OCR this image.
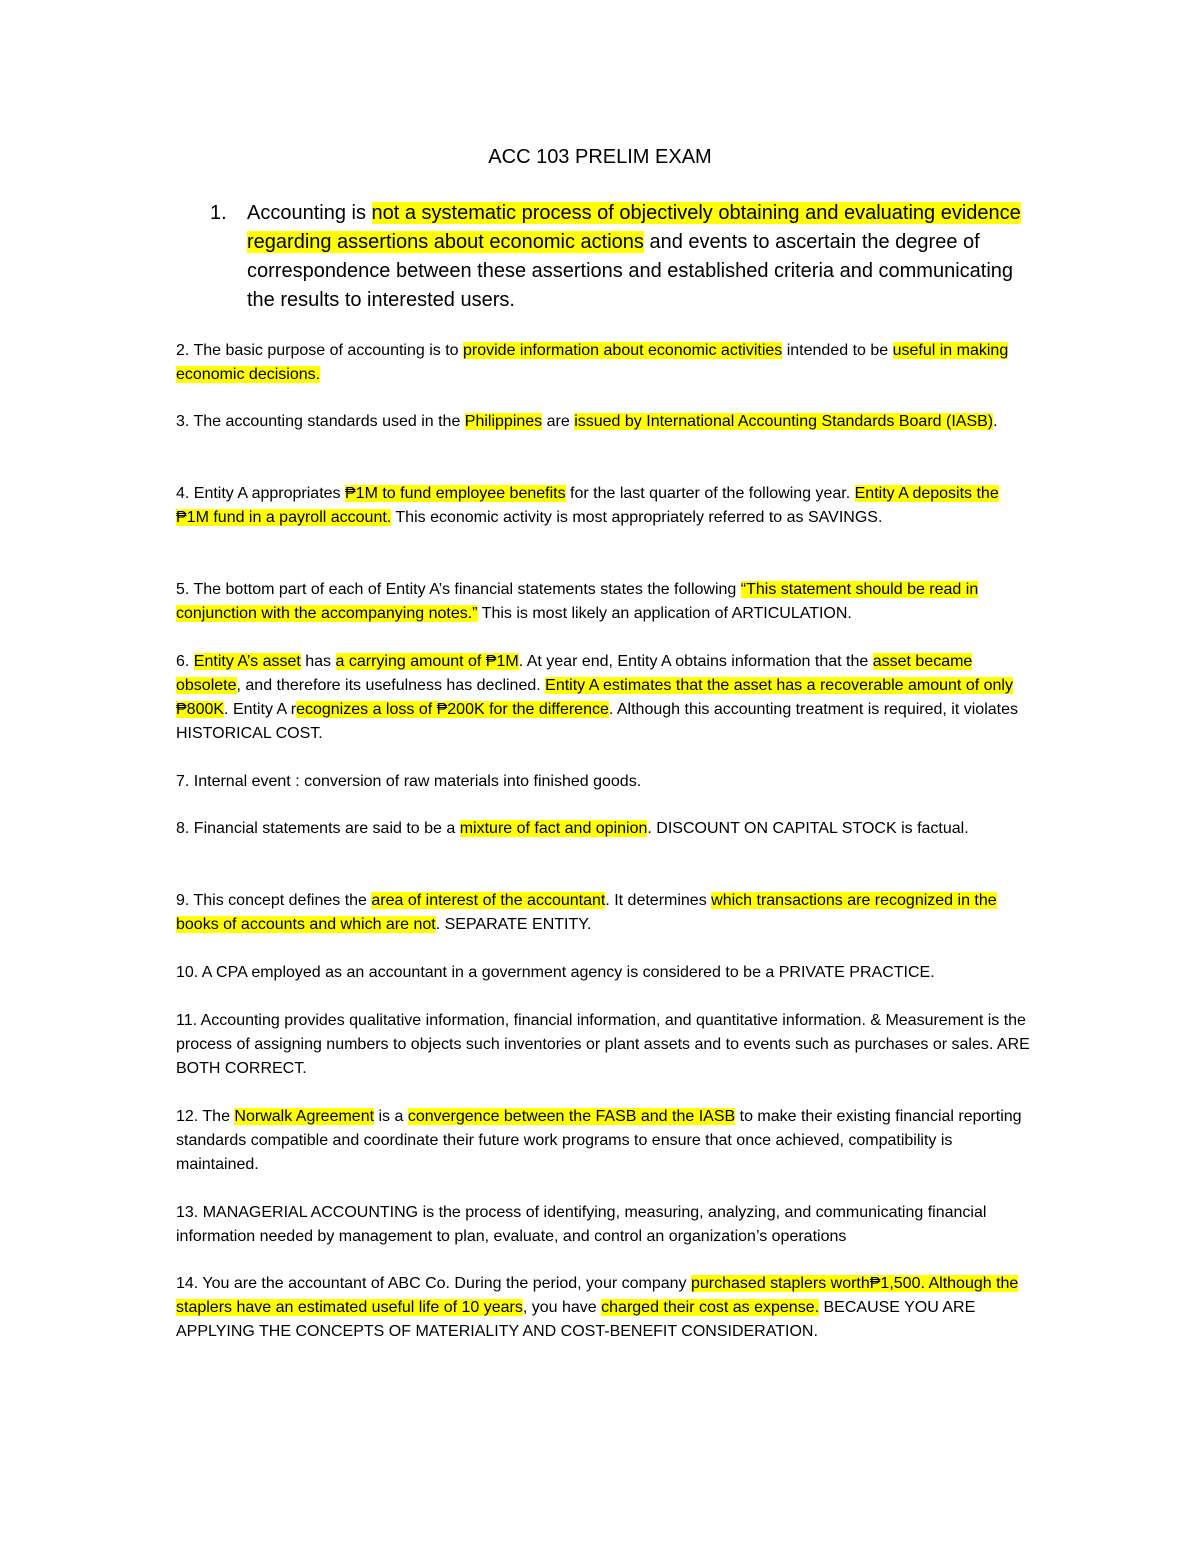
ACC 103 PRELIM EXAM
1.	Accounting is not a systematic process of objectively obtaining and evaluating evidence regarding assertions about economic actions and events to ascertain the degree of correspondence between these assertions and established criteria and communicating the results to interested users.

2. The basic purpose of accounting is to provide information about economic activities intended to be useful in making economic decisions.

3. The accounting standards used in the Philippines are issued by International Accounting Standards Board (IASB).

4. Entity A appropriates ₱1M to fund employee benefits for the last quarter of the following year. Entity A deposits the ₱1M fund in a payroll account. This economic activity is most appropriately referred to as SAVINGS.

5. The bottom part of each of Entity A’s financial statements states the following “This statement should be read in conjunction with the accompanying notes.” This is most likely an application of ARTICULATION.

6. Entity A’s asset has a carrying amount of ₱1M. At year end, Entity A obtains information that the asset became obsolete, and therefore its usefulness has declined. Entity A estimates that the asset has a recoverable amount of only ₱800K. Entity A recognizes a loss of ₱200K for the difference. Although this accounting treatment is required, it violates HISTORICAL COST.

7. Internal event : conversion of raw materials into finished goods.

8. Financial statements are said to be a mixture of fact and opinion. DISCOUNT ON CAPITAL STOCK is factual.

9. This concept defines the area of interest of the accountant. It determines which transactions are recognized in the books of accounts and which are not. SEPARATE ENTITY.

10. A CPA employed as an accountant in a government agency is considered to be a PRIVATE PRACTICE.

11. Accounting provides qualitative information, financial information, and quantitative information. & Measurement is the process of assigning numbers to objects such inventories or plant assets and to events such as purchases or sales. ARE BOTH CORRECT.

12. The Norwalk Agreement is a convergence between the FASB and the IASB to make their existing financial reporting standards compatible and coordinate their future work programs to ensure that once achieved, compatibility is maintained.

13. MANAGERIAL ACCOUNTING is the process of identifying, measuring, analyzing, and communicating financial information needed by management to plan, evaluate, and control an organization’s operations

14. You are the accountant of ABC Co. During the period, your company purchased staplers worth₱1,500. Although the staplers have an estimated useful life of 10 years, you have charged their cost as expense. BECAUSE YOU ARE APPLYING THE CONCEPTS OF MATERIALITY AND COST-BENEFIT CONSIDERATION.
